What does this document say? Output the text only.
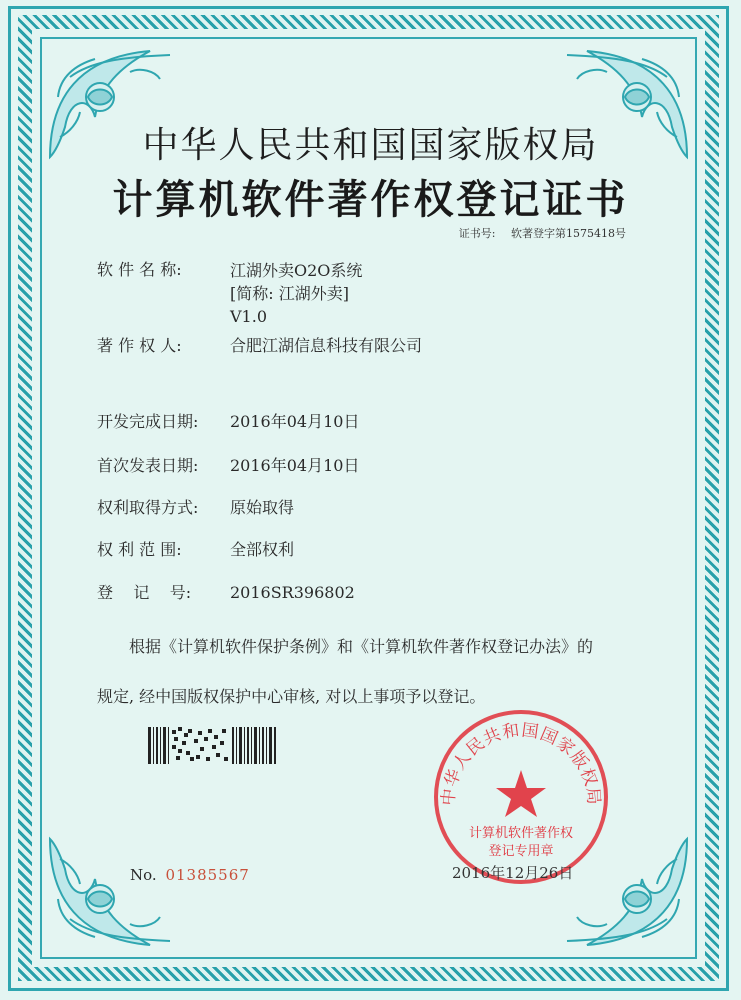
中华人民共和国国家版权局
计算机软件著作权登记证书
证书号: 软著登字第1575418号
软 件 名 称:	江湖外卖O2O系统
[简称: 江湖外卖]
V1.0
著 作 权 人:	合肥江湖信息科技有限公司
开发完成日期: 2016年04月10日
首次发表日期: 2016年04月10日
权利取得方式: 原始取得
权 利 范 围:	全部权利
登    记    号: 2016SR396802
根据《计算机软件保护条例》和《计算机软件著作权登记办法》的
规定, 经中国版权保护中心审核, 对以上事项予以登记。
中华人民共和国国家版权局
计算机软件著作权
登记专用章
No. 01385567	2016年12月26日
